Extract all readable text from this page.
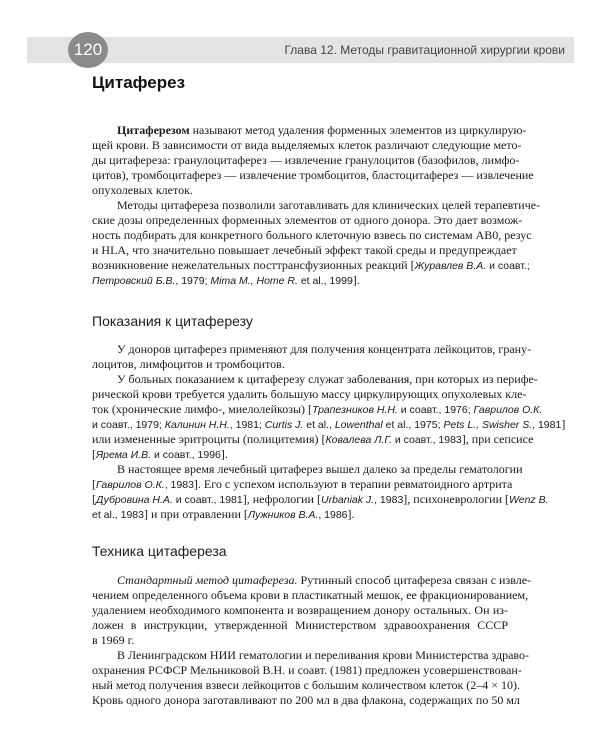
120	Глава 12. Методы гравитационной хирургии крови
Цитаферез
Цитаферезом называют метод удаления форменных элементов из циркулирую-
щей крови. В зависимости от вида выделяемых клеток различают следующие мето-
ды цитафереза: гранулоцитаферез — извлечение гранулоцитов (базофилов, лимфо-
цитов), тромбоцитаферез — извлечение тромбоцитов, бластоцитаферез — извлечение
опухолевых клеток.
Методы цитафереза позволили заготавливать для клинических целей терапевтиче-
ские дозы определенных форменных элементов от одного донора. Это дает возмож-
ность подбирать для конкретного больного клеточную взвесь по системам АВ0, резус
и HLA, что значительно повышает лечебный эффект такой среды и предупреждает
возникновение нежелательных посттрансфузионных реакций [Журавлев В.А. и соавт.;
Петровский Б.В., 1979; Mima M., Home R. et al., 1999].
Показания к цитаферезу
У доноров цитаферез применяют для получения концентрата лейкоцитов, грану-
лоцитов, лимфоцитов и тромбоцитов.
У больных показанием к цитаферезу служат заболевания, при которых из перифе-
рической крови требуется удалить большую массу циркулирующих опухолевых кле-
ток (хронические лимфо-, миелолейкозы) [Трапезников Н.Н. и соавт., 1976; Гаврилов О.К.
и соавт., 1979; Калинин Н.Н., 1981; Curtis J. et al., Lowenthal et al., 1975; Pets L., Swisher S., 1981]
или измененные эритроциты (полицитемия) [Ковалева Л.Г. и соавт., 1983], при сепсисе
[Ярема И.В. и соавт., 1996].
В настоящее время лечебный цитаферез вышел далеко за пределы гематологии
[Гаврилов О.К., 1983]. Его с успехом используют в терапии ревматоидного артрита
[Дубровина Н.А. и соавт., 1981], нефрологии [Urbaniak J., 1983], психоневрологии [Wenz B.
et al., 1983] и при отравлении [Лужников В.А., 1986].
Техника цитафереза
Стандартный метод цитафереза. Рутинный способ цитафереза связан с извле-
чением определенного объема крови в пластикатный мешок, ее фракционированием,
удалением необходимого компонента и возвращением донору остальных. Он из-
ложен в инструкции, утвержденной Министерством здравоохранения СССР
в 1969 г.
В Ленинградском НИИ гематологии и переливания крови Министерства здраво-
охранения РСФСР Мельниковой В.Н. и соавт. (1981) предложен усовершенствован-
ный метод получения взвеси лейкоцитов с большим количеством клеток (2–4 × 10).
Кровь одного донора заготавливают по 200 мл в два флакона, содержащих по 50 мл
